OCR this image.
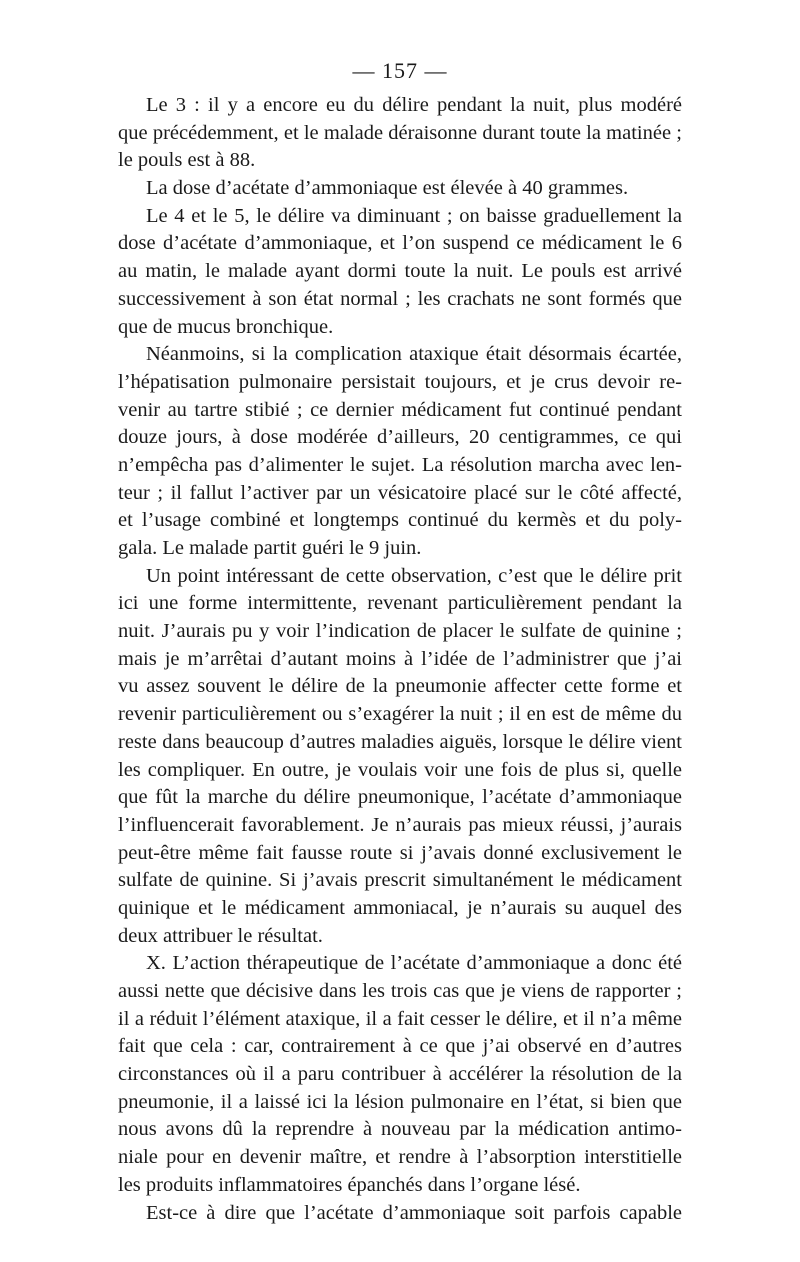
— 157 —
Le 3 : il y a encore eu du délire pendant la nuit, plus modéré
que précédemment, et le malade déraisonne durant toute la matinée ;
le pouls est à 88.
La dose d’acétate d’ammoniaque est élevée à 40 grammes.
Le 4 et le 5, le délire va diminuant ; on baisse graduellement la
dose d’acétate d’ammoniaque, et l’on suspend ce médicament le 6
au matin, le malade ayant dormi toute la nuit. Le pouls est arrivé
successivement à son état normal ; les crachats ne sont formés que
que de mucus bronchique.
Néanmoins, si la complication ataxique était désormais écartée,
l’hépatisation pulmonaire persistait toujours, et je crus devoir re-
venir au tartre stibié ; ce dernier médicament fut continué pendant
douze jours, à dose modérée d’ailleurs, 20 centigrammes, ce qui
n’empêcha pas d’alimenter le sujet. La résolution marcha avec len-
teur ; il fallut l’activer par un vésicatoire placé sur le côté affecté,
et l’usage combiné et longtemps continué du kermès et du poly-
gala. Le malade partit guéri le 9 juin.
Un point intéressant de cette observation, c’est que le délire prit
ici une forme intermittente, revenant particulièrement pendant la
nuit. J’aurais pu y voir l’indication de placer le sulfate de quinine ;
mais je m’arrêtai d’autant moins à l’idée de l’administrer que j’ai
vu assez souvent le délire de la pneumonie affecter cette forme et
revenir particulièrement ou s’exagérer la nuit ; il en est de même du
reste dans beaucoup d’autres maladies aiguës, lorsque le délire vient
les compliquer. En outre, je voulais voir une fois de plus si, quelle
que fût la marche du délire pneumonique, l’acétate d’ammoniaque
l’influencerait favorablement. Je n’aurais pas mieux réussi, j’aurais
peut-être même fait fausse route si j’avais donné exclusivement le
sulfate de quinine. Si j’avais prescrit simultanément le médicament
quinique et le médicament ammoniacal, je n’aurais su auquel des
deux attribuer le résultat.
X. L’action thérapeutique de l’acétate d’ammoniaque a donc été
aussi nette que décisive dans les trois cas que je viens de rapporter ;
il a réduit l’élément ataxique, il a fait cesser le délire, et il n’a même
fait que cela : car, contrairement à ce que j’ai observé en d’autres
circonstances où il a paru contribuer à accélérer la résolution de la
pneumonie, il a laissé ici la lésion pulmonaire en l’état, si bien que
nous avons dû la reprendre à nouveau par la médication antimo-
niale pour en devenir maître, et rendre à l’absorption interstitielle
les produits inflammatoires épanchés dans l’organe lésé.
Est-ce à dire que l’acétate d’ammoniaque soit parfois capable
